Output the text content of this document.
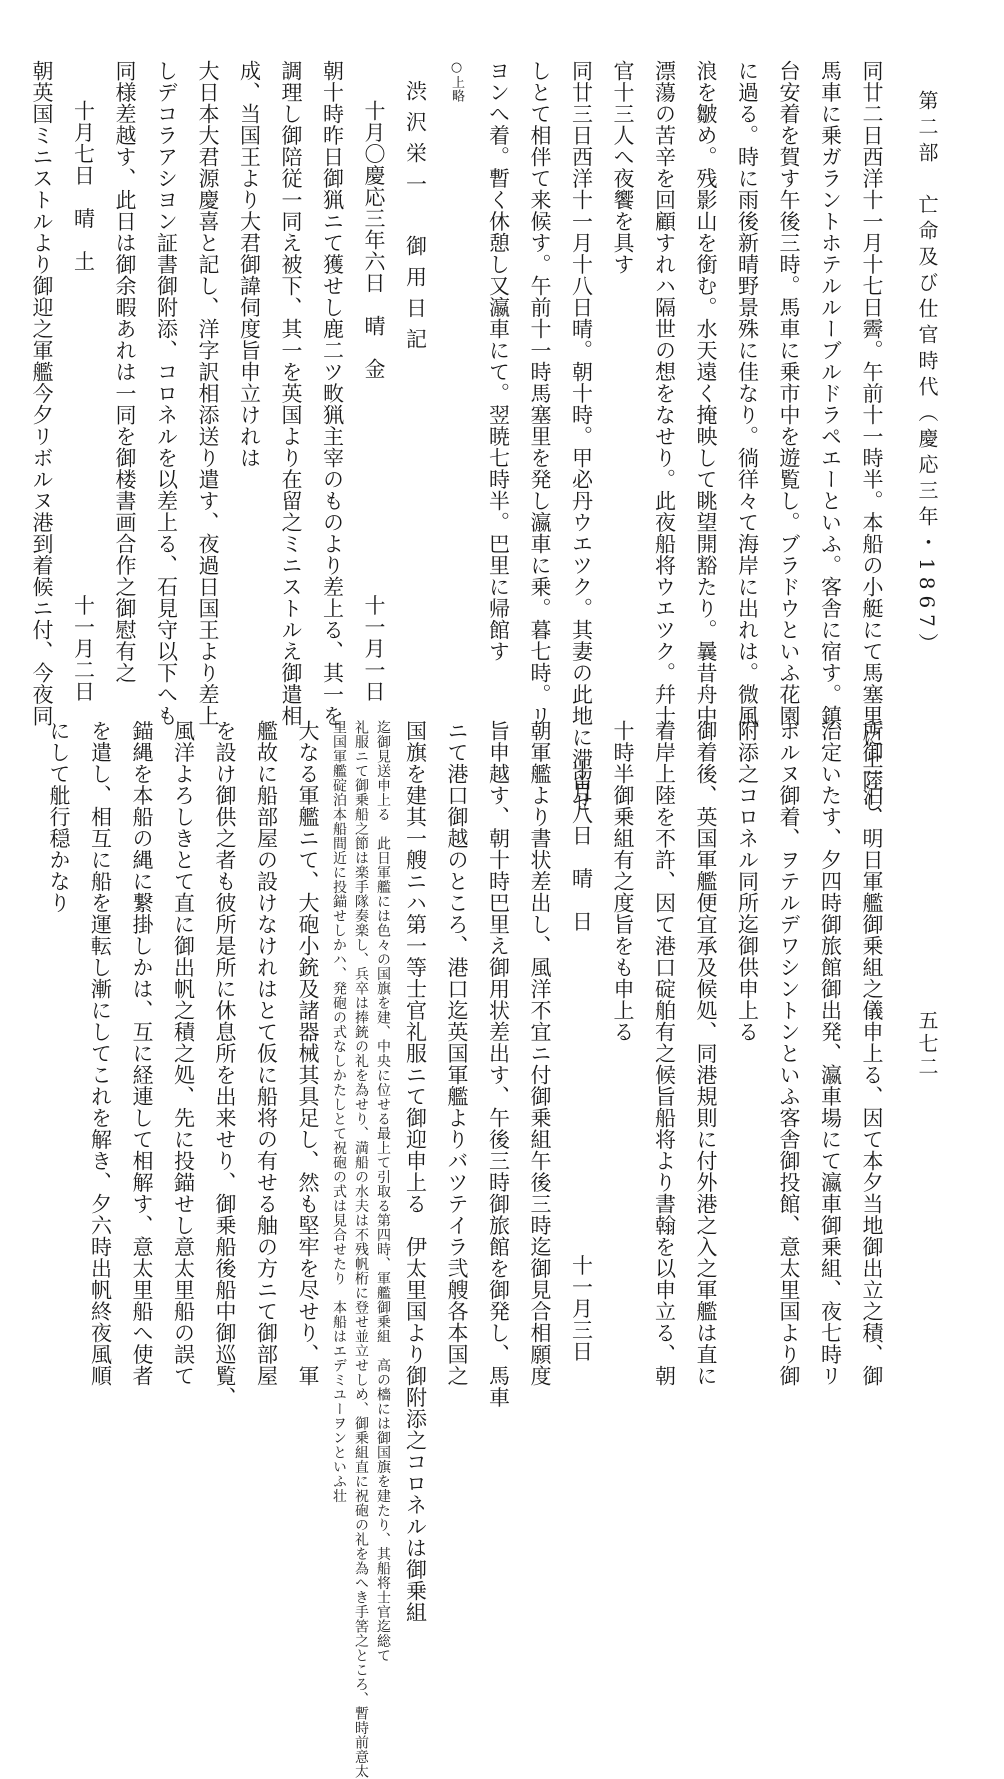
第二部　亡命及び仕官時代（慶応三年・1867）
同廿二日西洋十一月十七日霽。午前十一時半。本船の小艇にて馬塞里に上陸し
馬車に乗ガラントホテルルーブルドラペエーといふ。客舎に宿す。鎮
台安着を賀す午後三時。馬車に乗市中を遊覧し。ブラドウといふ花園
に過る。時に雨後新晴野景殊に佳なり。徜徉々て海岸に出れは。微風
浪を皺め。残影山を銜む。水天遠く掩映して眺望開豁たり。曩昔舟中
漂蕩の苦辛を回顧すれハ隔世の想をなせり。此夜船将ウエツク。幷士
官十三人へ夜饗を具す
同廿三日西洋十一月十八日晴。朝十時。甲必丹ウエツク。其妻の此地に滞留せ
しとて相伴て来候す。午前十一時馬塞里を発し瀛車に乗。暮七時。リ
ヨンへ着。暫く休憩し又瀛車にて。翌暁七時半。巴里に帰館す
○上略
渋沢栄一　御用日記
十月〇慶応三年六日　晴　金　　　　　　　　　　十一月一日
朝十時昨日御猟ニて獲せし鹿二ツ畋猟主宰のものより差上る、其一を
調理し御陪従一同え被下、其一を英国より在留之ミニストルえ御遣相
成、当国王より大君御諱伺度旨申立けれは
大日本大君源慶喜と記し、洋字訳相添送り遣す、夜過日国王より差上
しデコラアシヨン証書御附添、コロネルを以差上る、石見守以下へも
同様差越す、此日は御余暇あれは一同を御楼書画合作之御慰有之
十月七日　晴　土　　　　　　　　　　　　　　　十一月二日
朝英国ミニストルより御迎之軍艦今夕リボルヌ港到着候ニ付、今夜同
五七二
所御一泊、明日軍艦御乗組之儀申上る、因て本夕当地御出立之積、御
治定いたす、夕四時御旅館御出発、瀛車場にて瀛車御乗組、夜七時リ
ボルヌ御着、ヲテルデワシントンといふ客舎御投館、意太里国より御
附添之コロネル同所迄御供申上る
御着後、英国軍艦便宜承及候処、同港規則に付外港之入之軍艦は直に
着岸上陸を不許、因て港口碇舶有之候旨船将より書翰を以申立る、朝
十時半御乗組有之度旨をも申上る
十月八日　晴　日　　　　　　　　　　　　　　　十一月三日
朝軍艦より書状差出し、風洋不宜ニ付御乗組午後三時迄御見合相願度
旨申越す、朝十時巴里え御用状差出す、午後三時御旅館を御発し、馬車
ニて港口御越のところ、港口迄英国軍艦よりバツテイラ弐艘各本国之
国旗を建其一艘ニハ第一等士官礼服ニて御迎申上る　伊太里国より御附添之コロネルは御乗組
迄御見送申上る　此日軍艦には色々の国旗を建、中央に位せる最上て引取る第四時、軍艦御乗組　高の檣には御国旗を建たり、其船将士官迄総て
礼服ニて御乗船之節は楽手隊奏楽し、兵卒は捧銃の礼を為せり、満船の水夫は不残帆桁に登せ並立せしめ、御乗組直に祝砲の礼を為へき手筈之ところ、暫時前意太
里国軍艦碇泊本船間近に投錨せしかハ、発砲の式なしかたしとて祝砲の式は見合せたり　本船はエデミユーヲンといふ壮
大なる軍艦ニて、大砲小銃及諸器械其具足し、然も堅牢を尽せり、軍
艦故に船部屋の設けなけれはとて仮に船将の有せる舳の方ニて御部屋
を設け御供之者も彼所是所に休息所を出来せり、御乗船後船中御巡覧、
風洋よろしきとて直に御出帆之積之処、先に投錨せし意太里船の誤て
錨縄を本船の縄に繋掛しかは、互に経連して相解す、意太里船へ使者
を遣し、相互に船を運転し漸にしてこれを解き、夕六時出帆終夜風順
にして舭行穏かなり
